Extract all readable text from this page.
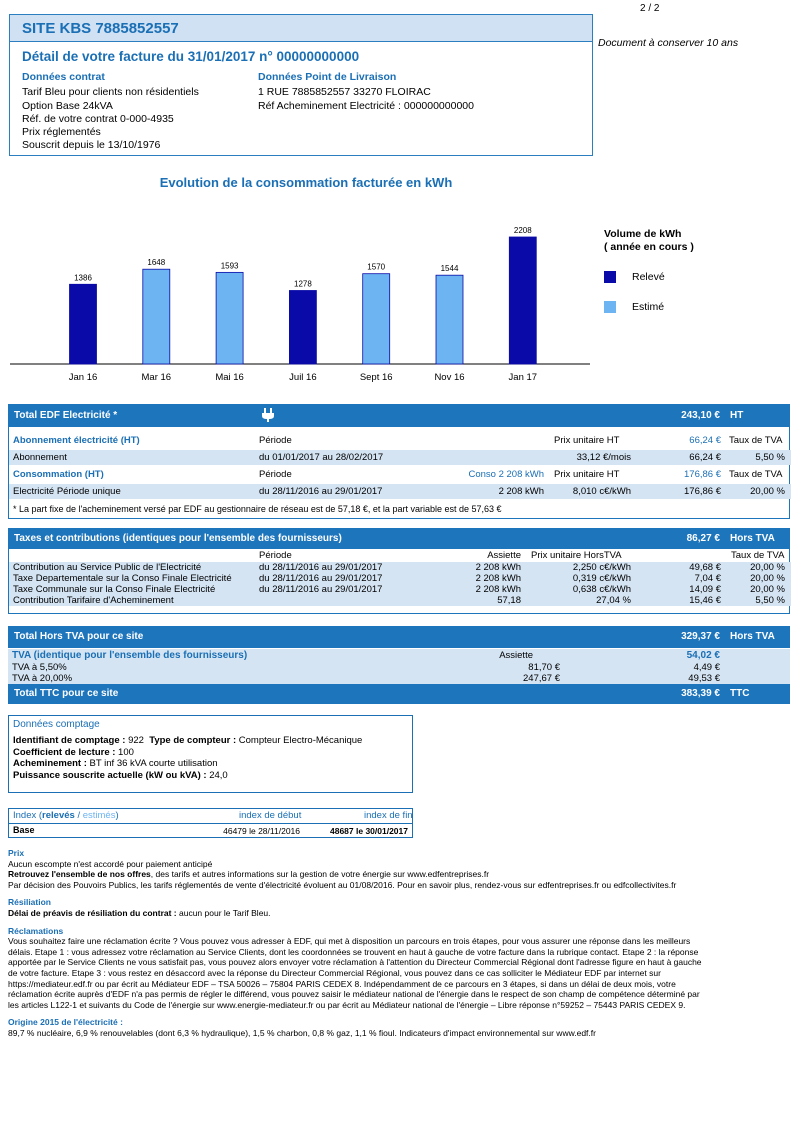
2 / 2
Document à conserver 10 ans
SITE KBS 7885852557
Détail de votre facture du 31/01/2017 n° 00000000000
Données contrat
Tarif Bleu pour clients non résidentiels
Option Base 24kVA
Réf. de votre contrat 0-000-4935
Prix réglementés
Souscrit depuis le 13/10/1976
Données Point de Livraison
1 RUE 7885852557 33270 FLOIRAC
Réf Acheminement Electricité : 000000000000
Evolution de la consommation facturée en kWh
1386
Jan 16
1648
Mar 16
1593
Mai 16
1278
Juil 16
1570
Sept 16
1544
Nov 16
2208
Jan 17
Volume de kWh
( année en cours )
Relevé
Estimé
Total EDF Electricité *	243,10 € HT
Abonnement électricité (HT)	Période	Prix unitaire HT	66,24 € Taux de TVA
Abonnement	du 01/01/2017 au 28/02/2017	33,12 €/mois	66,24 €	5,50 %
Consommation (HT)	Période	Conso 2 208 kWh Prix unitaire HT	176,86 € Taux de TVA
Electricité Période unique	du 28/11/2016 au 29/01/2017	2 208 kWh	8,010 c€/kWh	176,86 €	20,00 %
* La part fixe de l'acheminement versé par EDF au gestionnaire de réseau est de 57,18 €, et la part variable est de 57,63 €
Taxes et contributions (identiques pour l'ensemble des fournisseurs)	86,27 € Hors TVA
Période	Assiette Prix unitaire HorsTVA	Taux de TVA
Contribution au Service Public de l'Electricité	du 28/11/2016 au 29/01/2017	2 208 kWh	2,250 c€/kWh	49,68 €	20,00 %
Taxe Departementale sur la Conso Finale Electricité	du 28/11/2016 au 29/01/2017	2 208 kWh	0,319 c€/kWh	7,04 €	20,00 %
Taxe Communale sur la Conso Finale Electricité	du 28/11/2016 au 29/01/2017	2 208 kWh	0,638 c€/kWh	14,09 €	20,00 %
Contribution Tarifaire d'Acheminement	57,18	27,04 %	15,46 €	5,50 %
Total Hors TVA pour ce site	329,37 € Hors TVA
TVA (identique pour l'ensemble des fournisseurs)	Assiette	54,02 €
TVA à 5,50%	81,70 €	4,49 €
TVA à 20,00%	247,67 €	49,53 €
Total TTC pour ce site	383,39 € TTC
Données comptage
Identifiant de comptage : 922 Type de compteur : Compteur Electro-Mécanique
Coefficient de lecture : 100
Acheminement : BT inf 36 kVA courte utilisation
Puissance souscrite actuelle (kW ou kVA) : 24,0
Index (relevés / estimés)	index de début	index de fin
Base	46479 le 28/11/2016	48687 le 30/01/2017
Prix
Aucun escompte n'est accordé pour paiement anticipé
Retrouvez l'ensemble de nos offres, des tarifs et autres informations sur la gestion de votre énergie sur www.edfentreprises.fr
Par décision des Pouvoirs Publics, les tarifs réglementés de vente d'électricité évoluent au 01/08/2016. Pour en savoir plus, rendez-vous sur edfentreprises.fr ou edfcollectivites.fr
Résiliation
Délai de préavis de résiliation du contrat : aucun pour le Tarif Bleu.
Réclamations
Vous souhaitez faire une réclamation écrite ? Vous pouvez vous adresser à EDF, qui met à disposition un parcours en trois étapes, pour vous assurer une réponse dans les meilleurs
délais. Etape 1 : vous adressez votre réclamation au Service Clients, dont les coordonnées se trouvent en haut à gauche de votre facture dans la rubrique contact. Etape 2 : la réponse
apportée par le Service Clients ne vous satisfait pas, vous pouvez alors envoyer votre réclamation à l'attention du Directeur Commercial Régional dont l'adresse figure en haut à gauche
de votre facture. Etape 3 : vous restez en désaccord avec la réponse du Directeur Commercial Régional, vous pouvez dans ce cas solliciter le Médiateur EDF par internet sur
https://mediateur.edf.fr ou par écrit au Médiateur EDF – TSA 50026 – 75804 PARIS CEDEX 8. Indépendamment de ce parcours en 3 étapes, si dans un délai de deux mois, votre
réclamation écrite auprès d'EDF n'a pas permis de régler le différend, vous pouvez saisir le médiateur national de l'énergie dans le respect de son champ de compétence déterminé par
les articles L122-1 et suivants du Code de l'énergie sur www.energie-mediateur.fr ou par écrit au Médiateur national de l'énergie – Libre réponse n°59252 – 75443 PARIS CEDEX 9.
Origine 2015 de l'électricité :
89,7 % nucléaire, 6,9 % renouvelables (dont 6,3 % hydraulique), 1,5 % charbon, 0,8 % gaz, 1,1 % fioul. Indicateurs d'impact environnemental sur www.edf.fr
